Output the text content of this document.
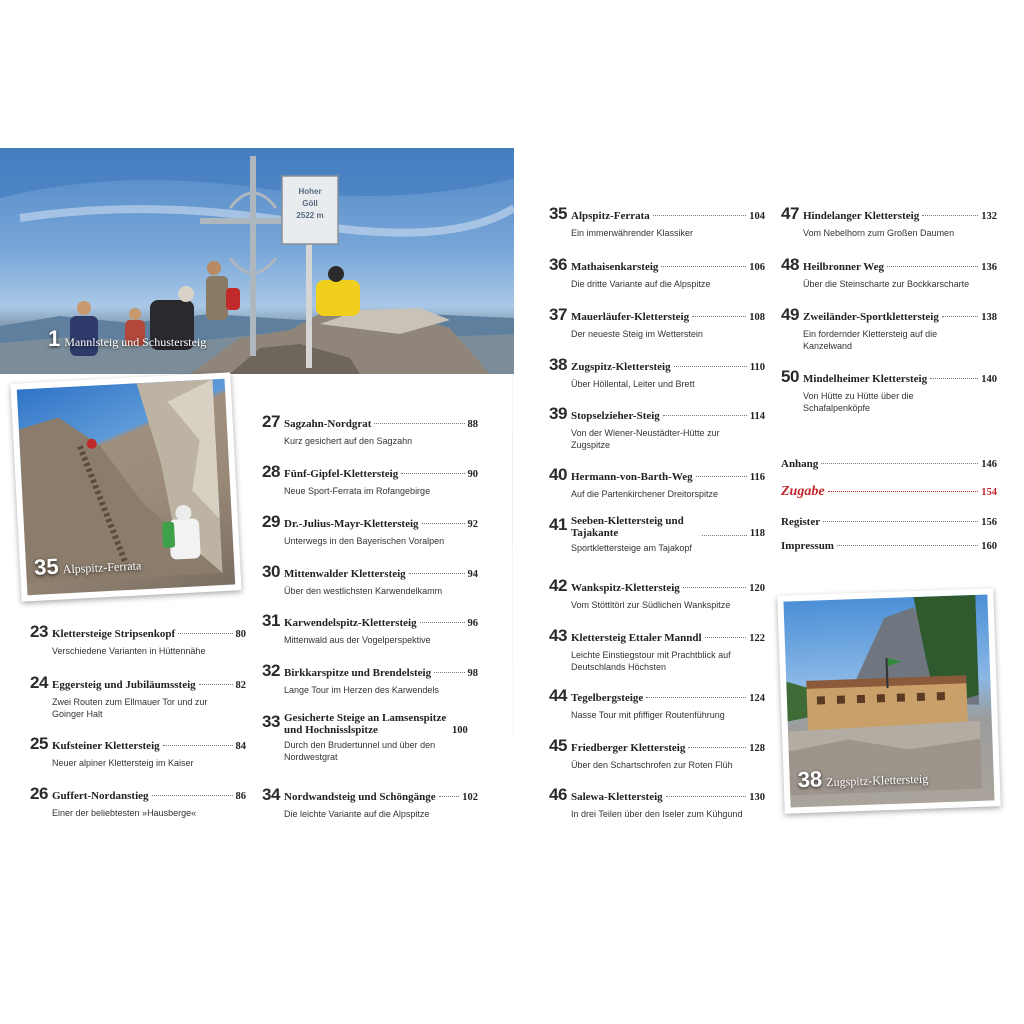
Hoher
Göll
2522 m
1 Mannlsteig und Schustersteig
35 Alpspitz-Ferrata
38 Zugspitz-Klettersteig
23 Klettersteige Stripsenkopf	80
Verschiedene Varianten in Hüttennähe
24 Eggersteig und Jubiläumssteig	82
Zwei Routen zum Ellmauer Tor und zur Goinger Halt
25 Kufsteiner Klettersteig	84
Neuer alpiner Klettersteig im Kaiser
26 Guffert-Nordanstieg	86
Einer der beliebtesten »Hausberge«
27 Sagzahn-Nordgrat	88
Kurz gesichert auf den Sagzahn
28 Fünf-Gipfel-Klettersteig	90
Neue Sport-Ferrata im Rofangebirge
29 Dr.-Julius-Mayr-Klettersteig	92
Unterwegs in den Bayerischen Voralpen
30 Mittenwalder Klettersteig	94
Über den westlichsten Karwendelkamm
31 Karwendelspitz-Klettersteig	96
Mittenwald aus der Vogelperspektive
32 Birkkarspitze und Brendelsteig	98
Lange Tour im Herzen des Karwendels
33 Gesicherte Steige an Lamsenspitze und Hochnisslspitze	100
Durch den Brudertunnel und über den Nordwestgrat
34 Nordwandsteig und Schöngänge	102
Die leichte Variante auf die Alpspitze
35 Alpspitz-Ferrata	104
Ein immerwährender Klassiker
36 Mathaisenkarsteig	106
Die dritte Variante auf die Alpspitze
37 Mauerläufer-Klettersteig	108
Der neueste Steig im Wetterstein
38 Zugspitz-Klettersteig	110
Über Höllental, Leiter und Brett
39 Stopselzieher-Steig	114
Von der Wiener-Neustädter-Hütte zur Zugspitze
40 Hermann-von-Barth-Weg	116
Auf die Partenkirchener Dreitorspitze
41 Seeben-Klettersteig und Tajakante	118
Sportklettersteige am Tajakopf
42 Wankspitz-Klettersteig	120
Vom Stöttltörl zur Südlichen Wankspitze
43 Klettersteig Ettaler Manndl	122
Leichte Einstiegstour mit Prachtblick auf Deutschlands Höchsten
44 Tegelbergsteige	124
Nasse Tour mit pfiffiger Routenführung
45 Friedberger Klettersteig	128
Über den Schartschrofen zur Roten Flüh
46 Salewa-Klettersteig	130
In drei Teilen über den Iseler zum Kühgund
47 Hindelanger Klettersteig	132
Vom Nebelhorn zum Großen Daumen
48 Heilbronner Weg	136
Über die Steinscharte zur Bockkarscharte
49 Zweiländer-Sportklettersteig	138
Ein fordernder Klettersteig auf die Kanzelwand
50 Mindelheimer Klettersteig	140
Von Hütte zu Hütte über die Schafalpenköpfe
Anhang	146
Zugabe	154
Register	156
Impressum	160
